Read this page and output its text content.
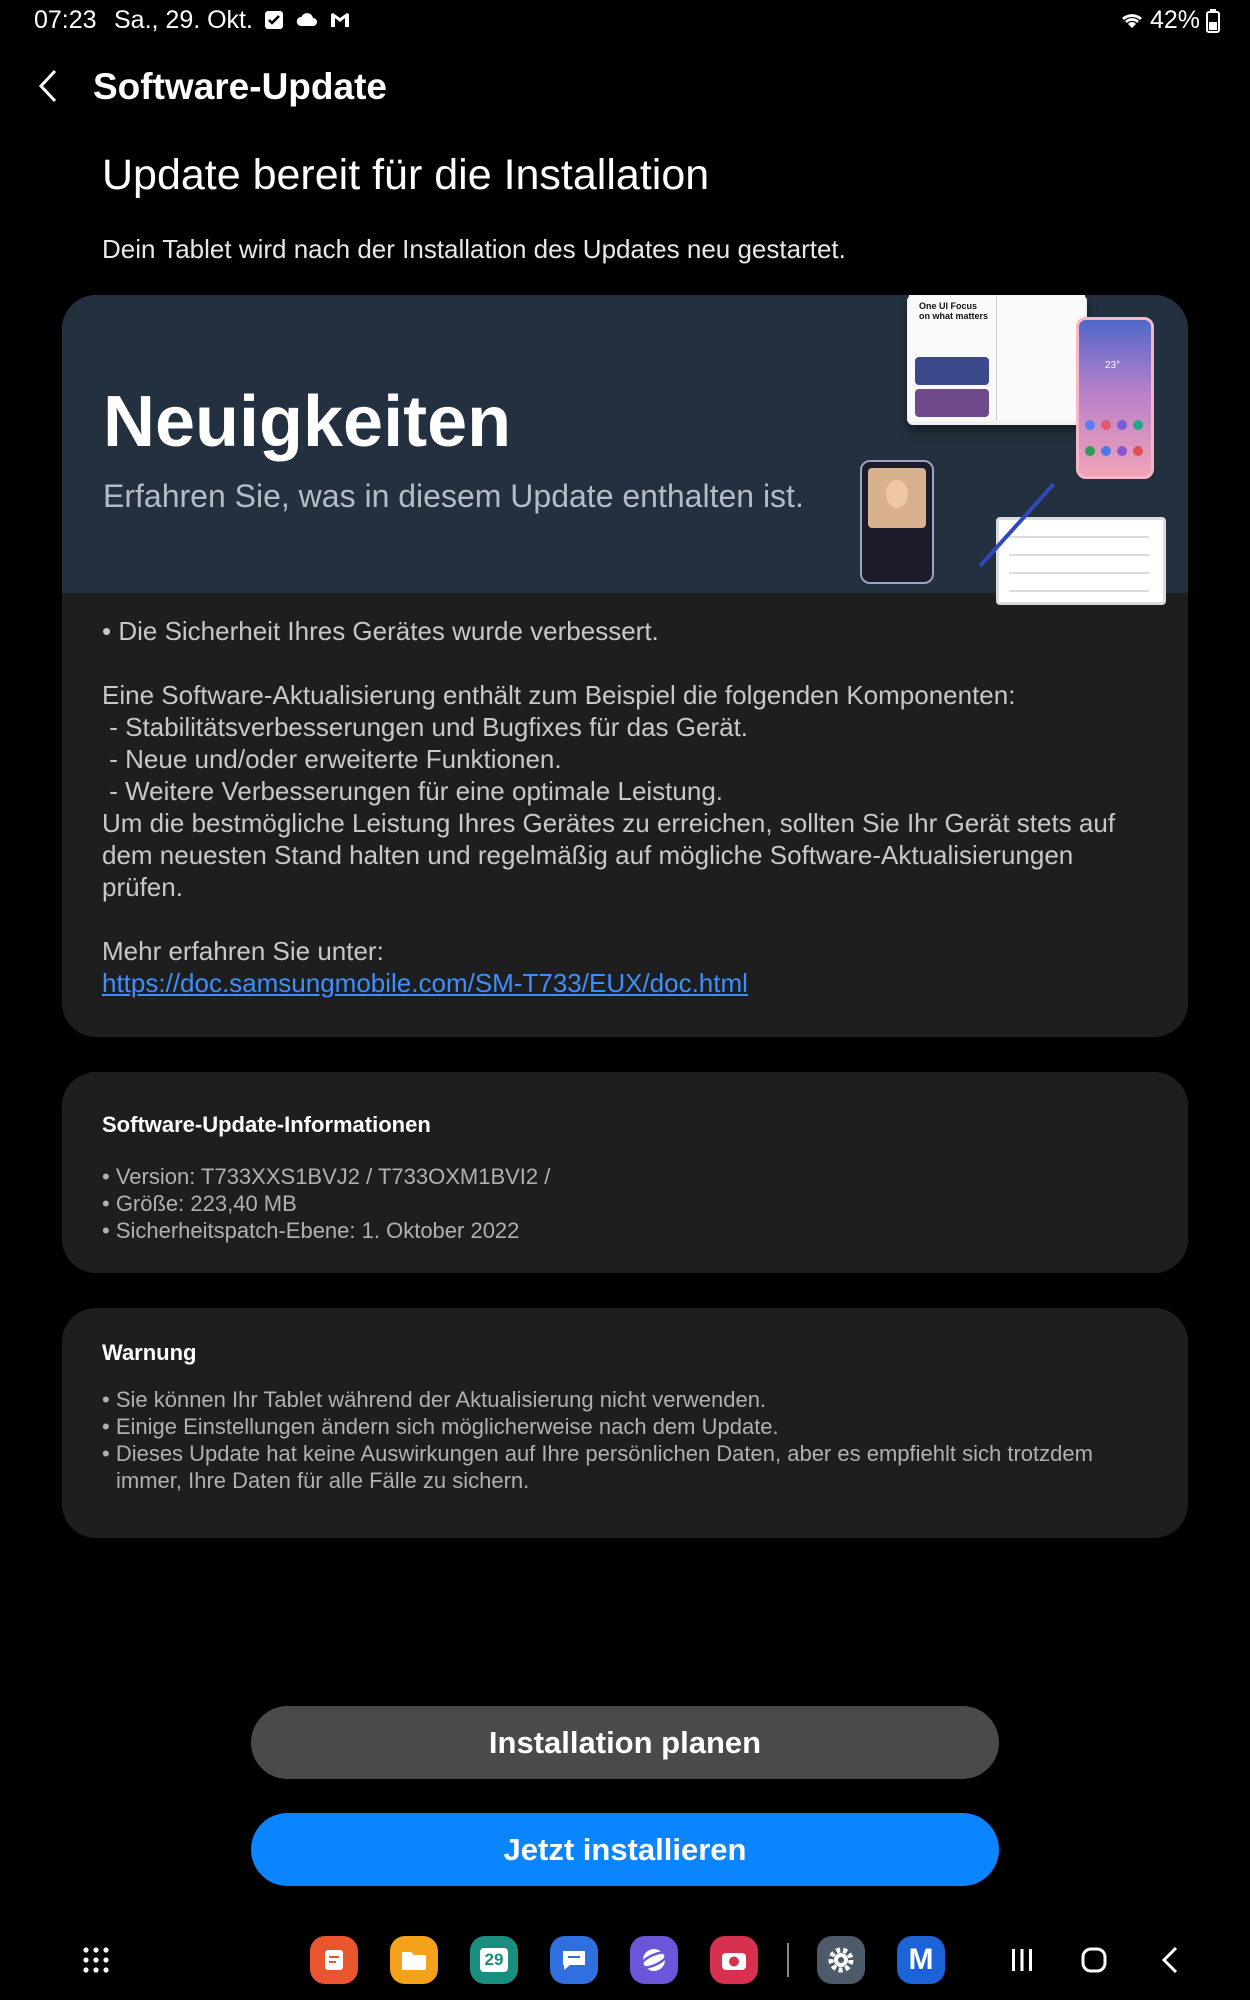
07:23 Sa., 29. Okt.	42%
Software-Update
Update bereit für die Installation
Dein Tablet wird nach der Installation des Updates neu gestartet.
Neuigkeiten
Erfahren Sie, was in diesem Update enthalten ist.
One UI Focus on what matters
23°

• Die Sicherheit Ihres Gerätes wurde verbessert.

Eine Software-Aktualisierung enthält zum Beispiel die folgenden Komponenten:

- Stabilitätsverbesserungen und Bugfixes für das Gerät.

- Neue und/oder erweiterte Funktionen.

- Weitere Verbesserungen für eine optimale Leistung.

Um die bestmögliche Leistung Ihres Gerätes zu erreichen, sollten Sie Ihr Gerät stets auf dem neuesten Stand halten und regelmäßig auf mögliche Software-Aktualisierungen prüfen.

Mehr erfahren Sie unter:

https://doc.samsungmobile.com/SM-T733/EUX/doc.html

Software-Update-Informationen
• Version: T733XXS1BVJ2 / T733OXM1BVI2 /
• Größe: 223,40 MB
• Sicherheitspatch-Ebene: 1. Oktober 2022
Warnung
• Sie können Ihr Tablet während der Aktualisierung nicht verwenden.
• Einige Einstellungen ändern sich möglicherweise nach dem Update.
• Dieses Update hat keine Auswirkungen auf Ihre persönlichen Daten, aber es empfiehlt sich trotzdem immer, Ihre Daten für alle Fälle zu sichern.
Installation planen
Jetzt installieren
29	M
